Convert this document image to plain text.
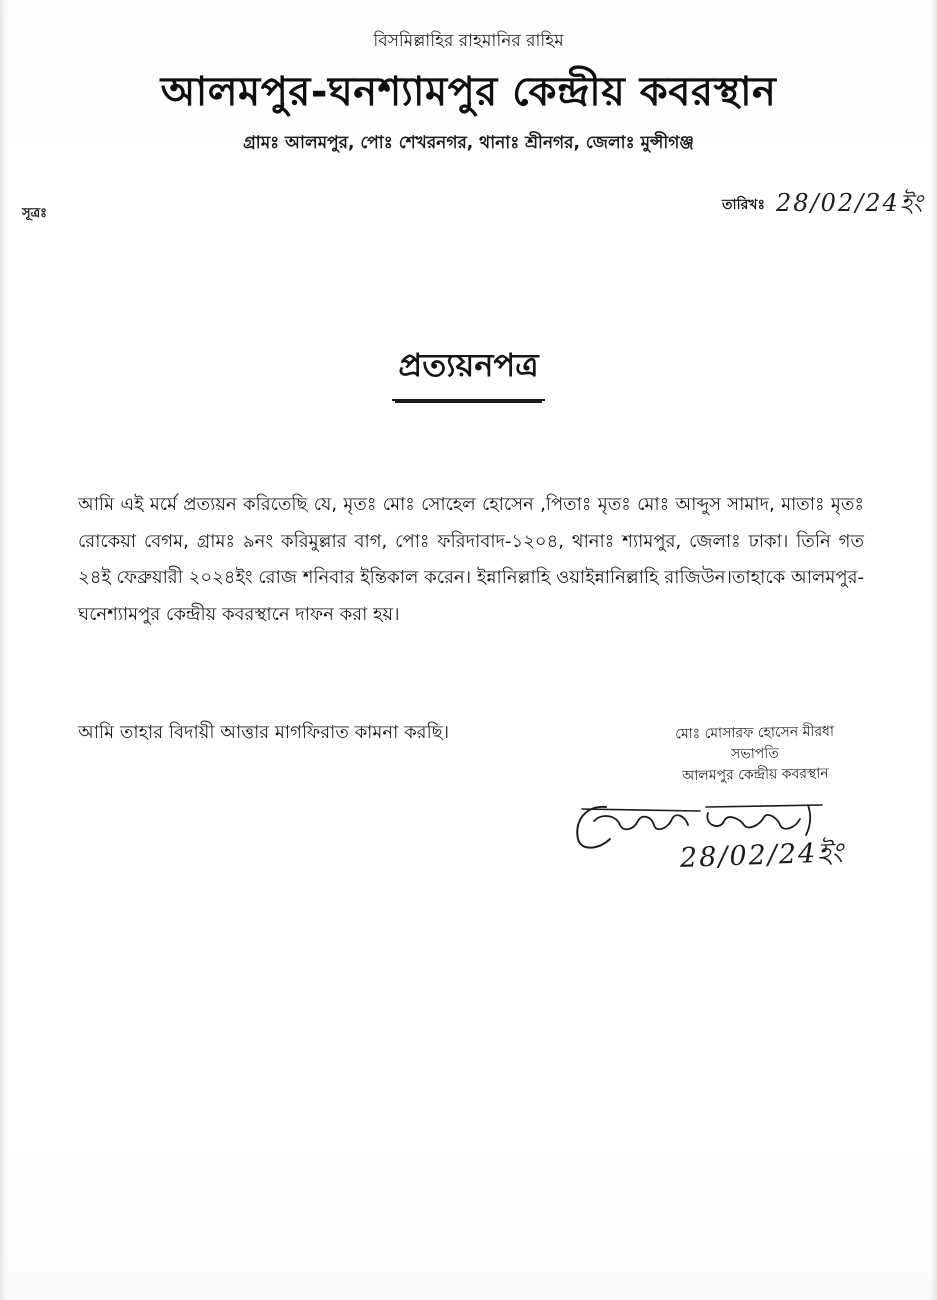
বিসমিল্লাহির রাহমানির রাহিম
আলমপুর-ঘনশ্যামপুর কেন্দ্রীয় কবরস্থান
গ্রামঃ আলমপুর, পোঃ শেখরনগর, থানাঃ শ্রীনগর, জেলাঃ মুন্সীগঞ্জ
সূত্রঃ
তারিখঃ 28/02/24ইং
প্রত্যয়নপত্র

আমি এই মর্মে প্রত্যয়ন করিতেছি যে, মৃতঃ মোঃ সোহেল হোসেন ,পিতাঃ মৃতঃ মোঃ আব্দুস সামাদ, মাতাঃ মৃতঃ রোকেয়া বেগম, গ্রামঃ ৯নং করিমুল্লার বাগ, পোঃ ফরিদাবাদ-১২০৪, থানাঃ শ্যামপুর, জেলাঃ ঢাকা। তিনি গত ২৪ই ফেব্রুয়ারী ২০২৪ইং রোজ শনিবার ইন্তিকাল করেন। ইন্নানিল্লাহি ওয়াইন্নানিল্লাহি রাজিউন।তাহাকে আলমপুর-ঘনেশ্যামপুর কেন্দ্রীয় কবরস্থানে দাফন করা হয়।

আমি তাহার বিদায়ী আত্তার মাগফিরাত কামনা করছি।	মোঃ মোসারফ হোসেন মীরধা
সভাপতি
আলমপুর কেন্দ্রীয় কবরস্থান
28/02/24ইং
